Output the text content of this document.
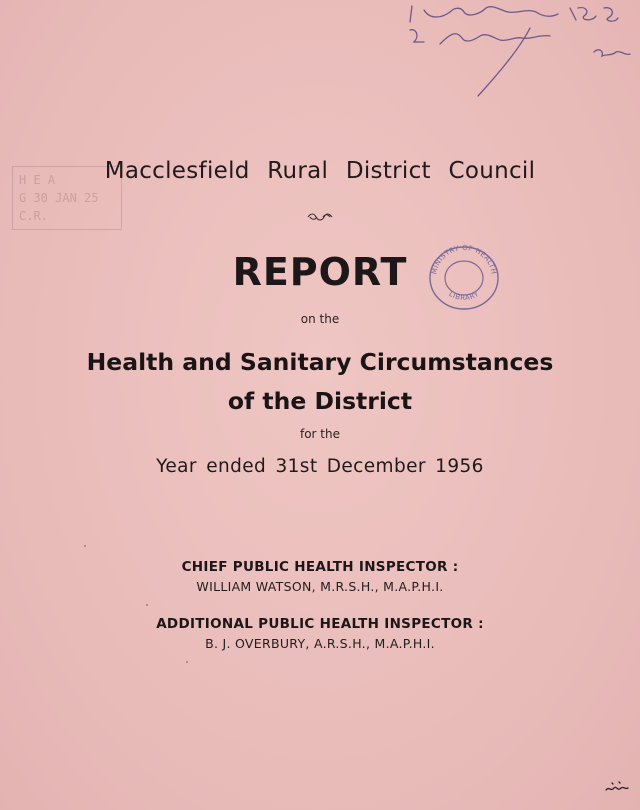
H E A
G 30 JAN 25
C.R.
MINISTRY OF HEALTH
LIBRARY
Macclesfield Rural District Council
REPORT
on the
Health and Sanitary Circumstances
of the District
for the
Year ended 31st December 1956
CHIEF PUBLIC HEALTH INSPECTOR :
WILLIAM WATSON, M.R.S.H., M.A.P.H.I.
ADDITIONAL PUBLIC HEALTH INSPECTOR :
B. J. OVERBURY, A.R.S.H., M.A.P.H.I.
